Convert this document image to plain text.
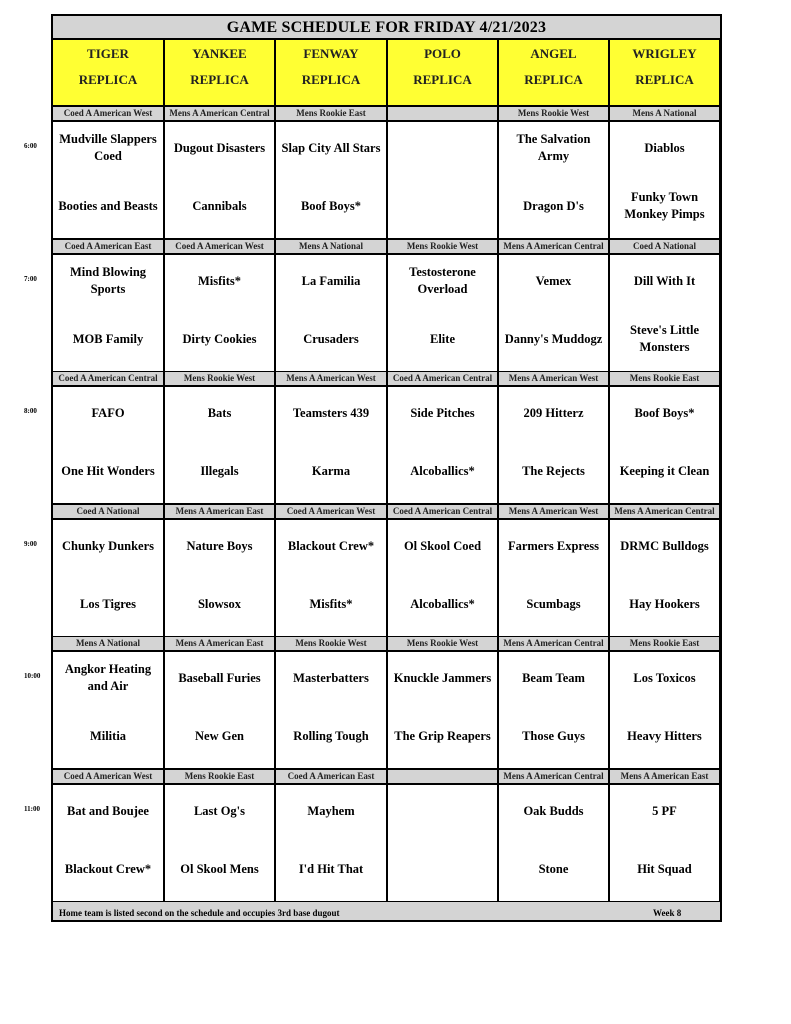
6:00
7:00
8:00
9:00
10:00
11:00
GAME SCHEDULE FOR FRIDAY 4/21/2023
TIGER
REPLICA
YANKEE
REPLICA
FENWAY
REPLICA
POLO
REPLICA
ANGEL
REPLICA
WRIGLEY
REPLICA
Coed A American West
Mudville Slappers Coed
Booties and Beasts
Mens A American Central
Dugout Disasters
Cannibals
Mens Rookie East
Slap City All Stars
Boof Boys*
Mens Rookie West
The Salvation Army
Dragon D's
Mens A National
Diablos
Funky Town Monkey Pimps
Coed A American East
Mind Blowing Sports
MOB Family
Coed A American West
Misfits*
Dirty Cookies
Mens A National
La Familia
Crusaders
Mens Rookie West
Testosterone Overload
Elite
Mens A American Central
Vemex
Danny's Muddogz
Coed A National
Dill With It
Steve's Little Monsters
Coed A American Central
FAFO
One Hit Wonders
Mens Rookie West
Bats
Illegals
Mens A American West
Teamsters 439
Karma
Coed A American Central
Side Pitches
Alcoballics*
Mens A American West
209 Hitterz
The Rejects
Mens Rookie East
Boof Boys*
Keeping it Clean
Coed A National
Chunky Dunkers
Los Tigres
Mens A American East
Nature Boys
Slowsox
Coed A American West
Blackout Crew*
Misfits*
Coed A American Central
Ol Skool Coed
Alcoballics*
Mens A American West
Farmers Express
Scumbags
Mens A American Central
DRMC Bulldogs
Hay Hookers
Mens A National
Angkor Heating and Air
Militia
Mens A American East
Baseball Furies
New Gen
Mens Rookie West
Masterbatters
Rolling Tough
Mens Rookie West
Knuckle Jammers
The Grip Reapers
Mens A American Central
Beam Team
Those Guys
Mens Rookie East
Los Toxicos
Heavy Hitters
Coed A American West
Bat and Boujee
Blackout Crew*
Mens Rookie East
Last Og's
Ol Skool Mens
Coed A American East
Mayhem
I'd Hit That
Mens A American Central
Oak Budds
Stone
Mens A American East
5 PF
Hit Squad
Home team is listed second on the schedule and occupies 3rd base dugout	Week 8
